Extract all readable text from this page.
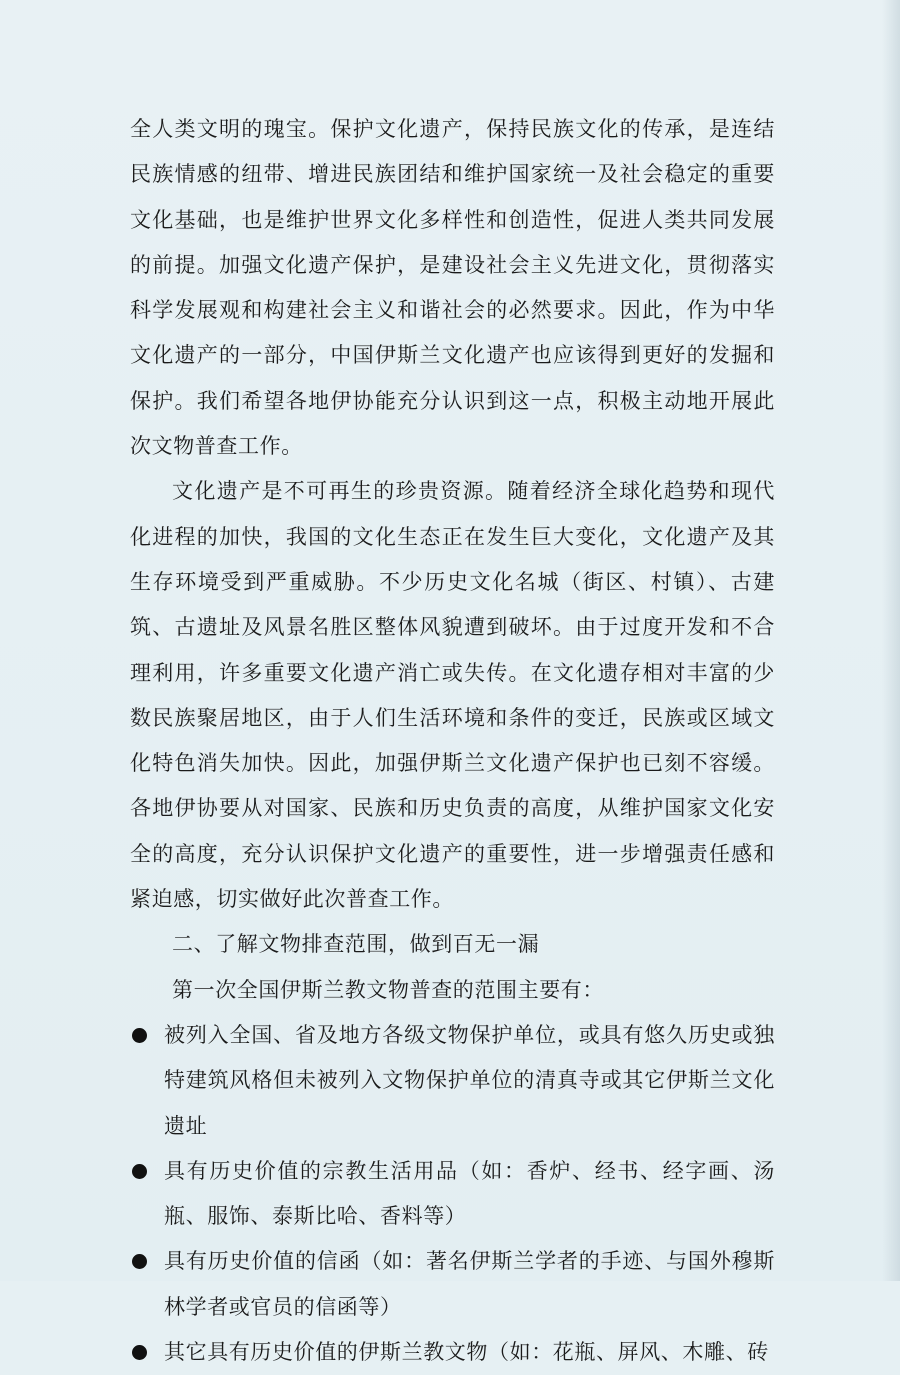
全人类文明的瑰宝。保护文化遗产，保持民族文化的传承，是连结民族情感的纽带、增进民族团结和维护国家统一及社会稳定的重要文化基础，也是维护世界文化多样性和创造性，促进人类共同发展的前提。加强文化遗产保护，是建设社会主义先进文化，贯彻落实科学发展观和构建社会主义和谐社会的必然要求。因此，作为中华文化遗产的一部分，中国伊斯兰文化遗产也应该得到更好的发掘和保护。我们希望各地伊协能充分认识到这一点，积极主动地开展此次文物普查工作。

文化遗产是不可再生的珍贵资源。随着经济全球化趋势和现代化进程的加快，我国的文化生态正在发生巨大变化，文化遗产及其生存环境受到严重威胁。不少历史文化名城（街区、村镇）、古建筑、古遗址及风景名胜区整体风貌遭到破坏。由于过度开发和不合理利用，许多重要文化遗产消亡或失传。在文化遗存相对丰富的少数民族聚居地区，由于人们生活环境和条件的变迁，民族或区域文化特色消失加快。因此，加强伊斯兰文化遗产保护也已刻不容缓。各地伊协要从对国家、民族和历史负责的高度，从维护国家文化安全的高度，充分认识保护文化遗产的重要性，进一步增强责任感和紧迫感，切实做好此次普查工作。

二、了解文物排查范围，做到百无一漏

第一次全国伊斯兰教文物普查的范围主要有：

被列入全国、省及地方各级文物保护单位，或具有悠久历史或独特建筑风格但未被列入文物保护单位的清真寺或其它伊斯兰文化遗址
具有历史价值的宗教生活用品（如：香炉、经书、经字画、汤瓶、服饰、泰斯比哈、香料等）
具有历史价值的信函（如：著名伊斯兰学者的手迹、与国外穆斯林学者或官员的信函等）
其它具有历史价值的伊斯兰教文物（如：花瓶、屏风、木雕、砖
